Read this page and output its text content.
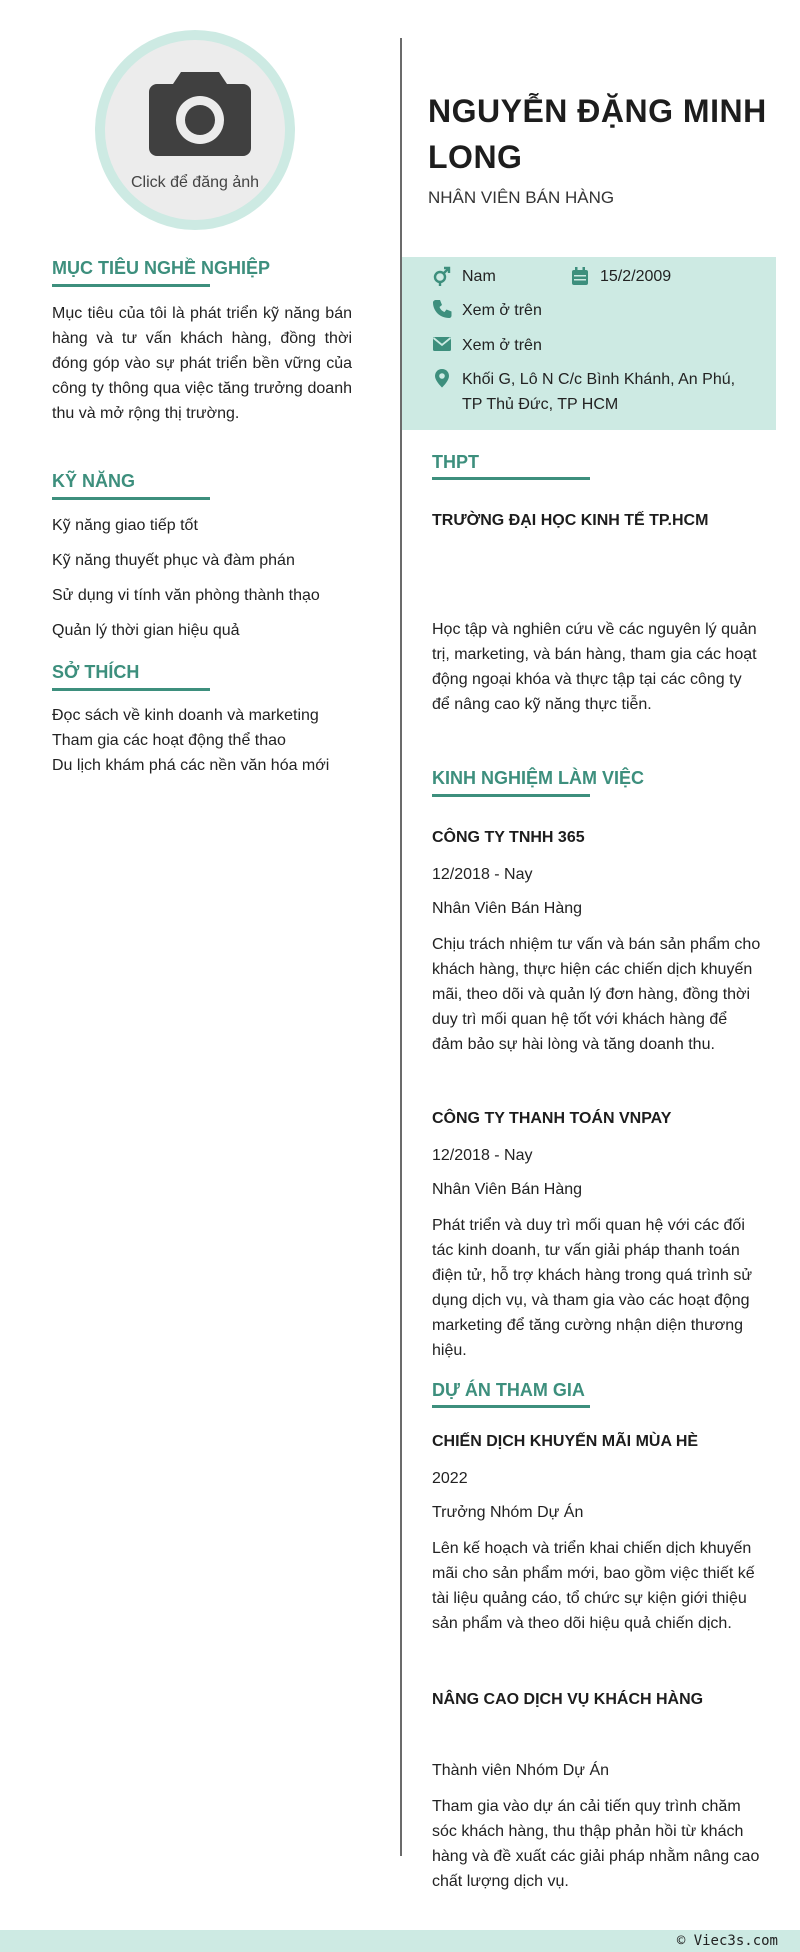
Click để đăng ảnh
MỤC TIÊU NGHỀ NGHIỆP
Mục tiêu của tôi là phát triển kỹ năng bán hàng và tư vấn khách hàng, đồng thời đóng góp vào sự phát triển bền vững của công ty thông qua việc tăng trưởng doanh thu và mở rộng thị trường.
KỸ NĂNG
Kỹ năng giao tiếp tốt
Kỹ năng thuyết phục và đàm phán
Sử dụng vi tính văn phòng thành thạo
Quản lý thời gian hiệu quả
SỞ THÍCH
Đọc sách về kinh doanh và marketing
Tham gia các hoạt động thể thao
Du lịch khám phá các nền văn hóa mới
NGUYỄN ĐẶNG MINH LONG
NHÂN VIÊN BÁN HÀNG
Nam	15/2/2009
Xem ở trên
Xem ở trên
Khối G, Lô N C/c Bình Khánh, An Phú, TP Thủ Đức, TP HCM
THPT
TRƯỜNG ĐẠI HỌC KINH TẾ TP.HCM
Học tập và nghiên cứu về các nguyên lý quản trị, marketing, và bán hàng, tham gia các hoạt động ngoại khóa và thực tập tại các công ty để nâng cao kỹ năng thực tiễn.
KINH NGHIỆM LÀM VIỆC
CÔNG TY TNHH 365
12/2018 - Nay
Nhân Viên Bán Hàng
Chịu trách nhiệm tư vấn và bán sản phẩm cho khách hàng, thực hiện các chiến dịch khuyến mãi, theo dõi và quản lý đơn hàng, đồng thời duy trì mối quan hệ tốt với khách hàng để đảm bảo sự hài lòng và tăng doanh thu.
CÔNG TY THANH TOÁN VNPAY
12/2018 - Nay
Nhân Viên Bán Hàng
Phát triển và duy trì mối quan hệ với các đối tác kinh doanh, tư vấn giải pháp thanh toán điện tử, hỗ trợ khách hàng trong quá trình sử dụng dịch vụ, và tham gia vào các hoạt động marketing để tăng cường nhận diện thương hiệu.
DỰ ÁN THAM GIA
CHIẾN DỊCH KHUYẾN MÃI MÙA HÈ
2022
Trưởng Nhóm Dự Án
Lên kế hoạch và triển khai chiến dịch khuyến mãi cho sản phẩm mới, bao gồm việc thiết kế tài liệu quảng cáo, tổ chức sự kiện giới thiệu sản phẩm và theo dõi hiệu quả chiến dịch.
NÂNG CAO DỊCH VỤ KHÁCH HÀNG
Thành viên Nhóm Dự Án
Tham gia vào dự án cải tiến quy trình chăm sóc khách hàng, thu thập phản hồi từ khách hàng và đề xuất các giải pháp nhằm nâng cao chất lượng dịch vụ.
© Viec3s.com
